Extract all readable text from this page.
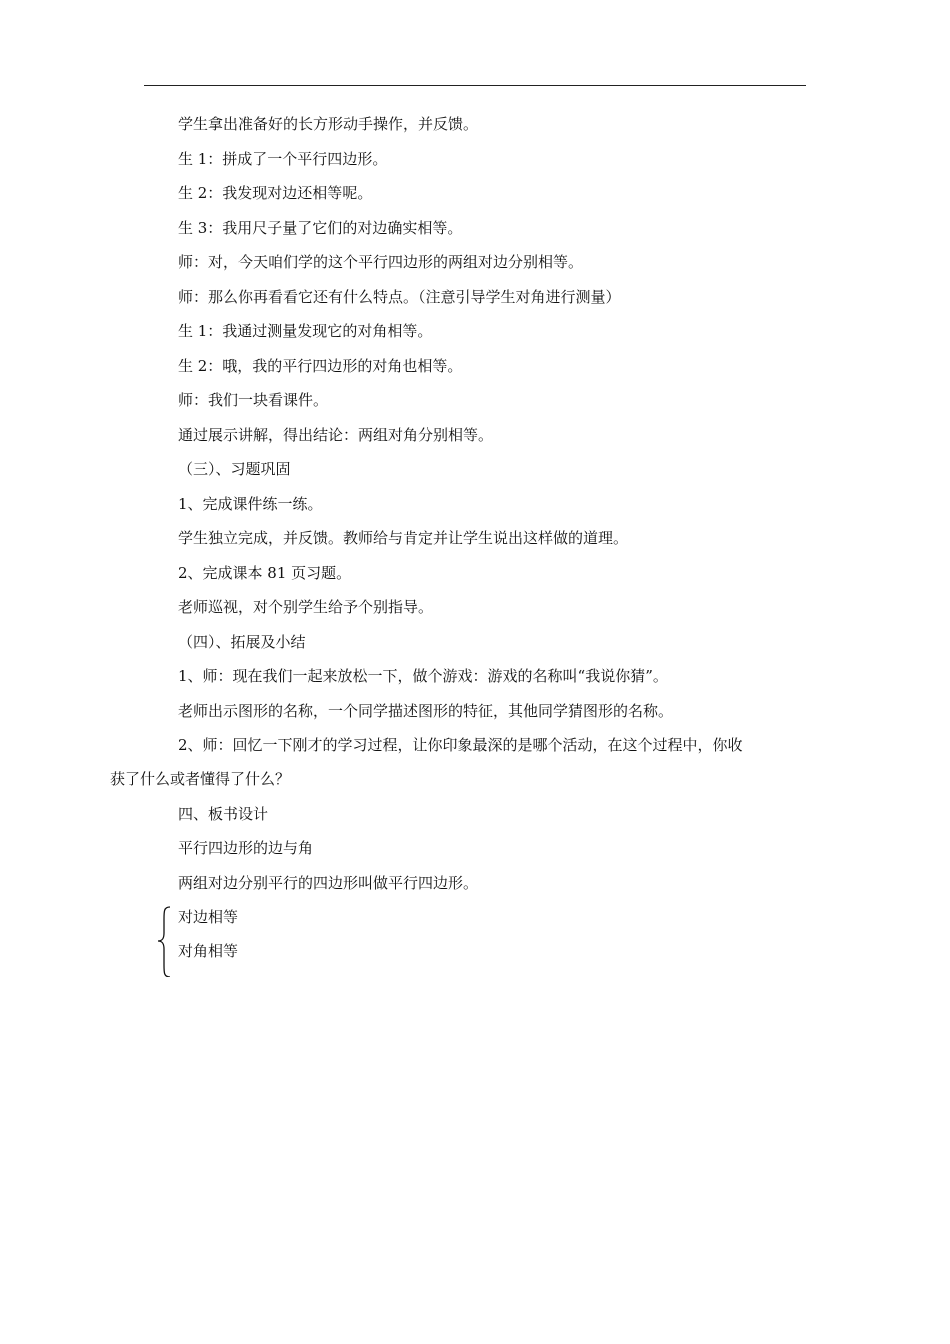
学生拿出准备好的长方形动手操作，并反馈。

生 1：拼成了一个平行四边形。

生 2：我发现对边还相等呢。

生 3：我用尺子量了它们的对边确实相等。

师：对，今天咱们学的这个平行四边形的两组对边分别相等。

师：那么你再看看它还有什么特点。（注意引导学生对角进行测量）

生 1：我通过测量发现它的对角相等。

生 2：哦，我的平行四边形的对角也相等。

师：我们一块看课件。

通过展示讲解，得出结论：两组对角分别相等。

（三）、习题巩固

1、完成课件练一练。

学生独立完成，并反馈。教师给与肯定并让学生说出这样做的道理。

2、完成课本 81 页习题。

老师巡视，对个别学生给予个别指导。

（四）、拓展及小结

1、师：现在我们一起来放松一下，做个游戏：游戏的名称叫“我说你猜”。

老师出示图形的名称，一个同学描述图形的特征，其他同学猜图形的名称。

2、师：回忆一下刚才的学习过程，让你印象最深的是哪个活动，在这个过程中，你收
获了什么或者懂得了什么？

四、板书设计

平行四边形的边与角

两组对边分别平行的四边形叫做平行四边形。

对边相等
对角相等
